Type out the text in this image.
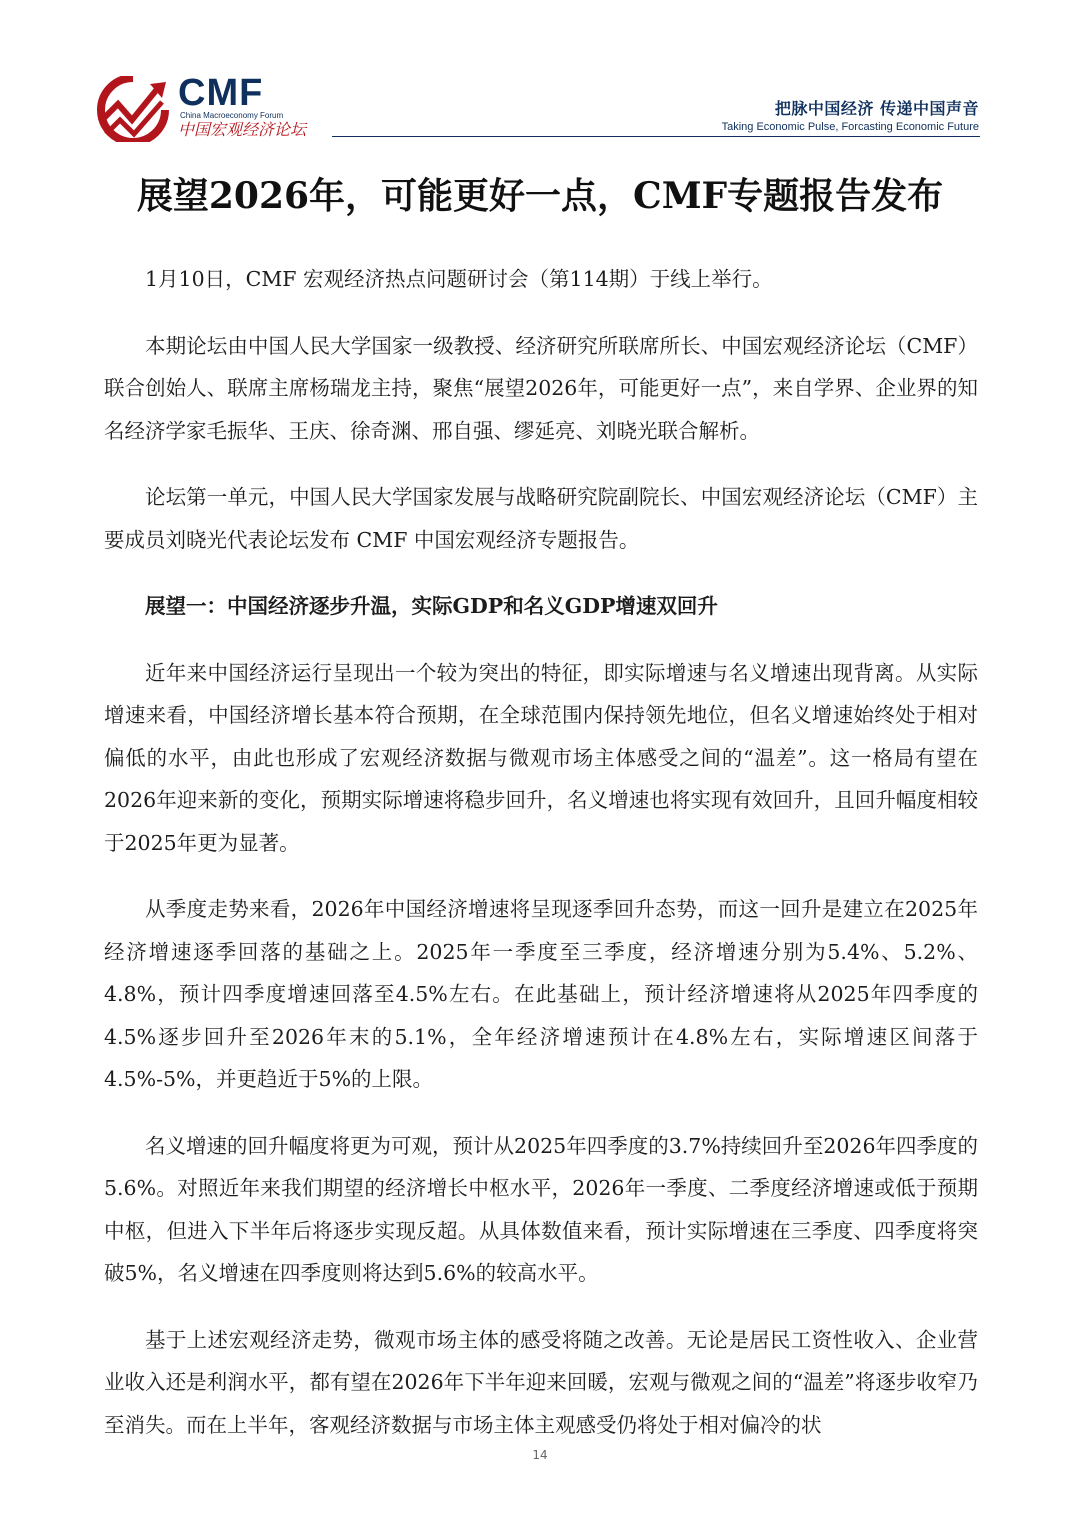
CMF
China Macroeconomy Forum
中国宏观经济论坛
把脉中国经济 传递中国声音
Taking Economic Pulse, Forcasting Economic Future
展望2026年，可能更好一点，CMF专题报告发布

1月10日，CMF 宏观经济热点问题研讨会（第114期）于线上举行。

本期论坛由中国人民大学国家一级教授、经济研究所联席所长、中国宏观经济论坛（CMF）联合创始人、联席主席杨瑞龙主持，聚焦“展望2026年，可能更好一点”，来自学界、企业界的知名经济学家毛振华、王庆、徐奇渊、邢自强、缪延亮、刘晓光联合解析。

论坛第一单元，中国人民大学国家发展与战略研究院副院长、中国宏观经济论坛（CMF）主要成员刘晓光代表论坛发布 CMF 中国宏观经济专题报告。

展望一：中国经济逐步升温，实际GDP和名义GDP增速双回升

近年来中国经济运行呈现出一个较为突出的特征，即实际增速与名义增速出现背离。从实际增速来看，中国经济增长基本符合预期，在全球范围内保持领先地位，但名义增速始终处于相对偏低的水平，由此也形成了宏观经济数据与微观市场主体感受之间的“温差”。这一格局有望在2026年迎来新的变化，预期实际增速将稳步回升，名义增速也将实现有效回升，且回升幅度相较于2025年更为显著。

从季度走势来看，2026年中国经济增速将呈现逐季回升态势，而这一回升是建立在2025年经济增速逐季回落的基础之上。2025年一季度至三季度，经济增速分别为5.4%、5.2%、4.8%，预计四季度增速回落至4.5%左右。在此基础上，预计经济增速将从2025年四季度的4.5%逐步回升至2026年末的5.1%，全年经济增速预计在4.8%左右，实际增速区间落于4.5%-5%，并更趋近于5%的上限。

名义增速的回升幅度将更为可观，预计从2025年四季度的3.7%持续回升至2026年四季度的5.6%。对照近年来我们期望的经济增长中枢水平，2026年一季度、二季度经济增速或低于预期中枢，但进入下半年后将逐步实现反超。从具体数值来看，预计实际增速在三季度、四季度将突破5%，名义增速在四季度则将达到5.6%的较高水平。

基于上述宏观经济走势，微观市场主体的感受将随之改善。无论是居民工资性收入、企业营业收入还是利润水平，都有望在2026年下半年迎来回暖，宏观与微观之间的“温差”将逐步收窄乃至消失。而在上半年，客观经济数据与市场主体主观感受仍将处于相对偏冷的状

14
